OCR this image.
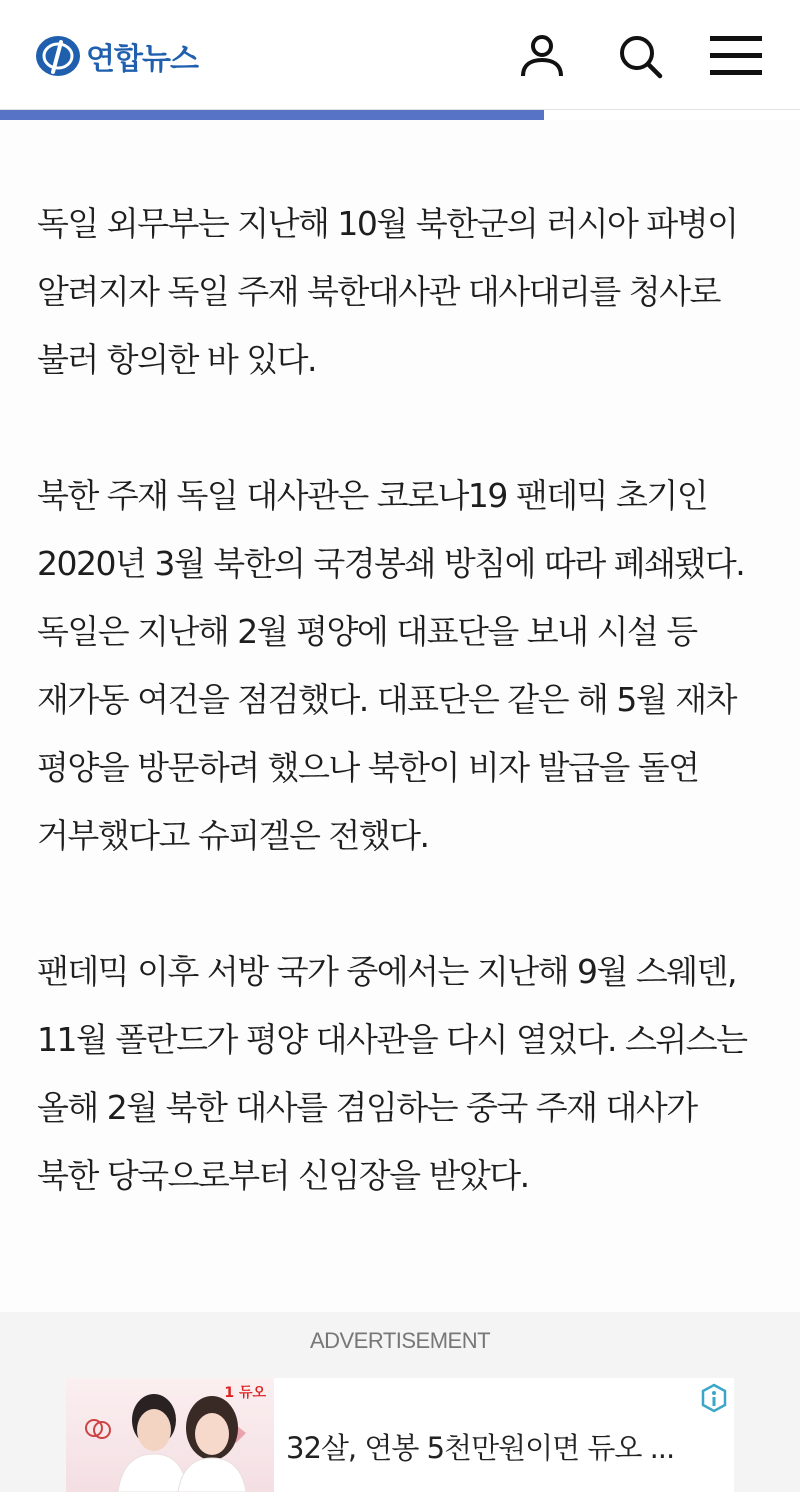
연합뉴스

독일 외무부는 지난해 10월 북한군의 러시아 파병이 알려지자 독일 주재 북한대사관 대사대리를 청사로 불러 항의한 바 있다.

북한 주재 독일 대사관은 코로나19 팬데믹 초기인 2020년 3월 북한의 국경봉쇄 방침에 따라 폐쇄됐다. 독일은 지난해 2월 평양에 대표단을 보내 시설 등 재가동 여건을 점검했다. 대표단은 같은 해 5월 재차 평양을 방문하려 했으나 북한이 비자 발급을 돌연 거부했다고 슈피겔은 전했다.

팬데믹 이후 서방 국가 중에서는 지난해 9월 스웨덴, 11월 폴란드가 평양 대사관을 다시 열었다. 스위스는 올해 2월 북한 대사를 겸임하는 중국 주재 대사가 북한 당국으로부터 신임장을 받았다.

ADVERTISEMENT
1 듀오
32살, 연봉 5천만원이면 듀오 ...
